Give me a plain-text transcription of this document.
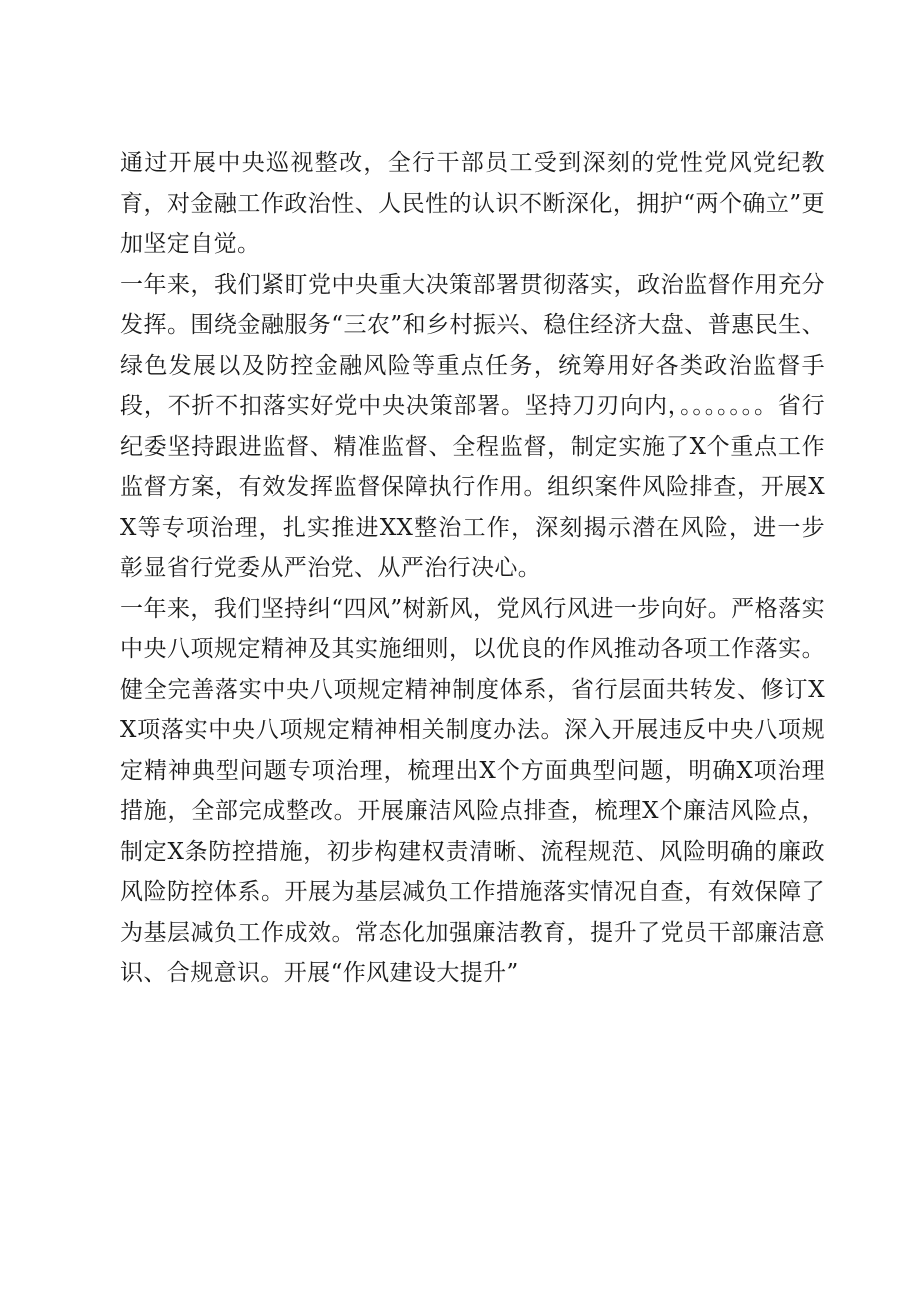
通过开展中央巡视整改，全行干部员工受到深刻的党性党风党纪教育，对金融工作政治性、人民性的认识不断深化，拥护“两个确立”更加坚定自觉。

一年来，我们紧盯党中央重大决策部署贯彻落实，政治监督作用充分发挥。围绕金融服务“三农”和乡村振兴、稳住经济大盘、普惠民生、绿色发展以及防控金融风险等重点任务，统筹用好各类政治监督手段，不折不扣落实好党中央决策部署。坚持刀刃向内，。。。。。。。省行纪委坚持跟进监督、精准监督、全程监督，制定实施了X个重点工作监督方案，有效发挥监督保障执行作用。组织案件风险排查，开展XX等专项治理，扎实推进XX整治工作，深刻揭示潜在风险，进一步彰显省行党委从严治党、从严治行决心。

一年来，我们坚持纠“四风”树新风，党风行风进一步向好。严格落实中央八项规定精神及其实施细则，以优良的作风推动各项工作落实。健全完善落实中央八项规定精神制度体系，省行层面共转发、修订XX项落实中央八项规定精神相关制度办法。深入开展违反中央八项规定精神典型问题专项治理，梳理出X个方面典型问题，明确X项治理措施，全部完成整改。开展廉洁风险点排查，梳理X个廉洁风险点，制定X条防控措施，初步构建权责清晰、流程规范、风险明确的廉政风险防控体系。开展为基层减负工作措施落实情况自查，有效保障了为基层减负工作成效。常态化加强廉洁教育，提升了党员干部廉洁意识、合规意识。开展“作风建设大提升”
